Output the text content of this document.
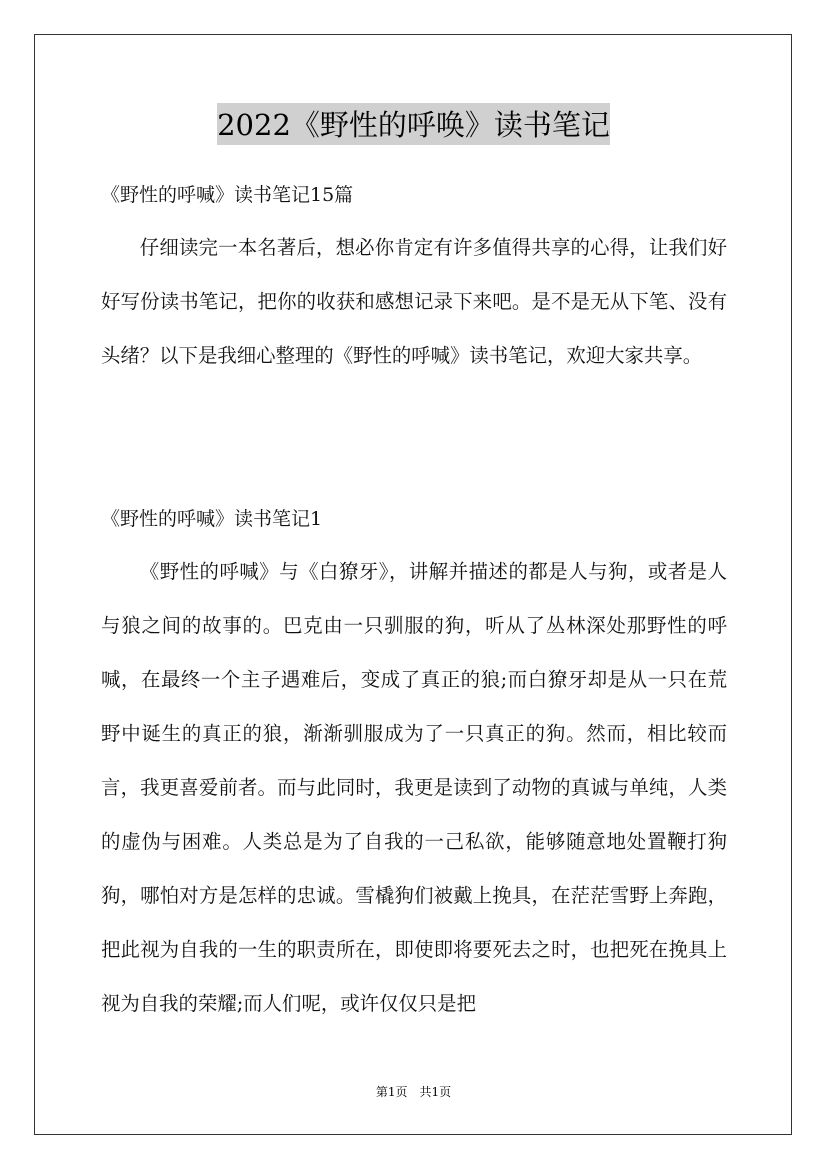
2022《野性的呼唤》读书笔记
《野性的呼喊》读书笔记15篇

仔细读完一本名著后，想必你肯定有许多值得共享的心得，让我们好好写份读书笔记，把你的收获和感想记录下来吧。是不是无从下笔、没有头绪？以下是我细心整理的《野性的呼喊》读书笔记，欢迎大家共享。

《野性的呼喊》读书笔记1

《野性的呼喊》与《白獠牙》，讲解并描述的都是人与狗，或者是人与狼之间的故事的。巴克由一只驯服的狗，听从了丛林深处那野性的呼喊，在最终一个主子遇难后，变成了真正的狼;而白獠牙却是从一只在荒野中诞生的真正的狼，渐渐驯服成为了一只真正的狗。然而，相比较而言，我更喜爱前者。而与此同时，我更是读到了动物的真诚与单纯，人类的虚伪与困难。人类总是为了自我的一己私欲，能够随意地处置鞭打狗狗，哪怕对方是怎样的忠诚。雪橇狗们被戴上挽具，在茫茫雪野上奔跑，把此视为自我的一生的职责所在，即使即将要死去之时，也把死在挽具上视为自我的荣耀;而人们呢，或许仅仅只是把

第1页　共1页
